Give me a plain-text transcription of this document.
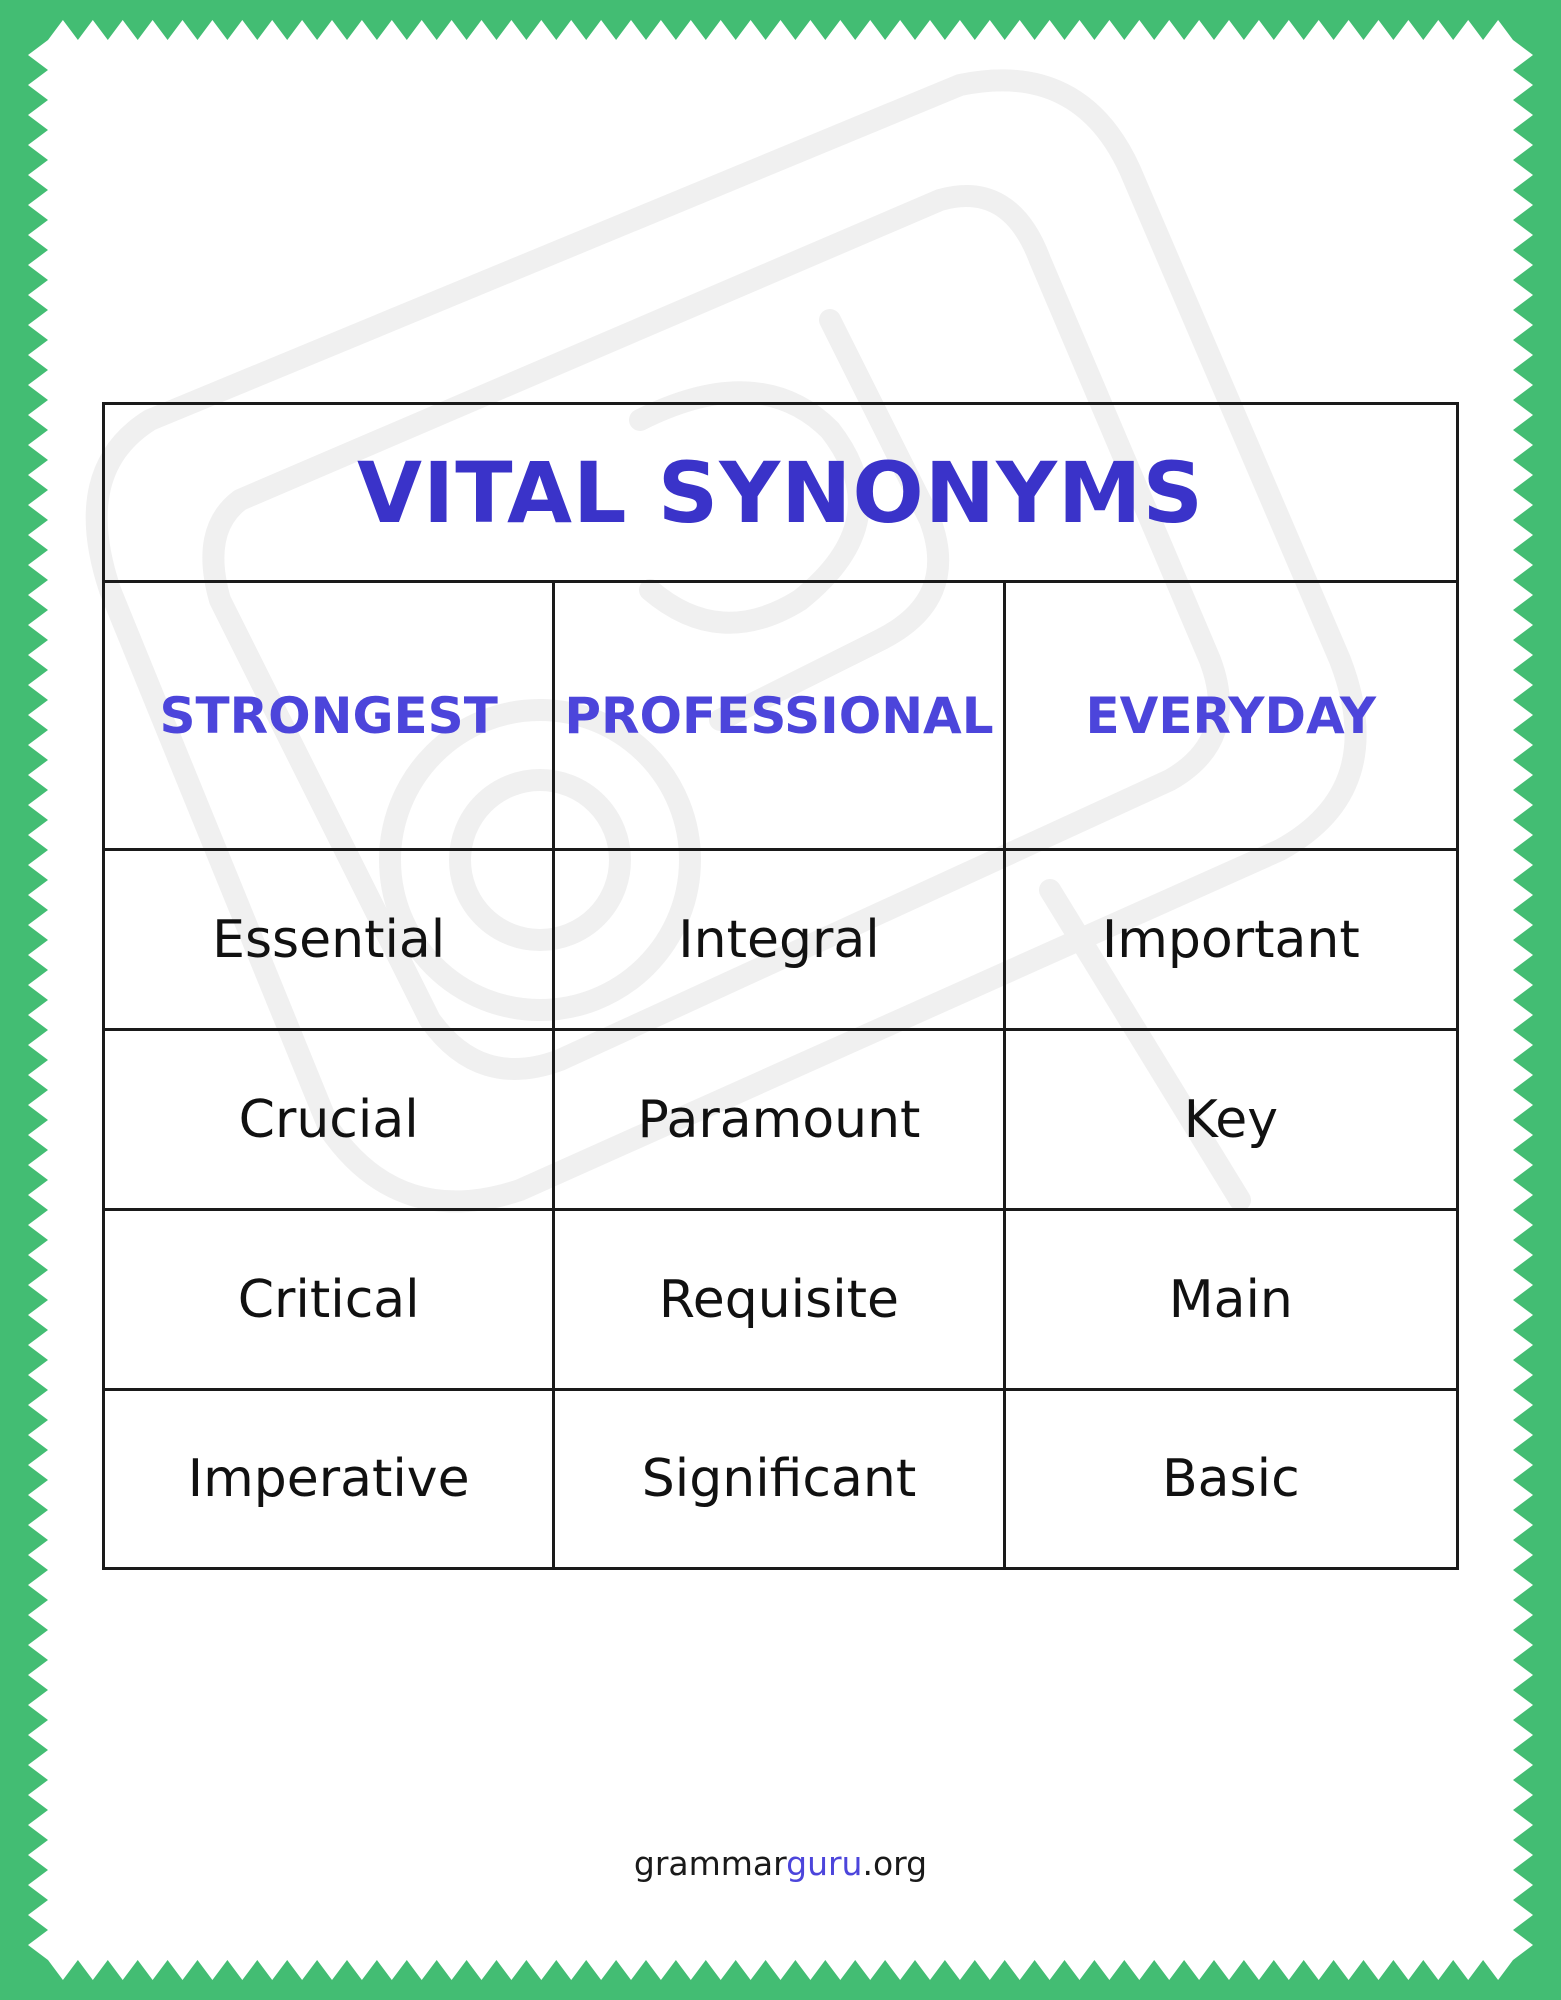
VITAL SYNONYMS
STRONGEST PROFESSIONAL EVERYDAY
Essential	Integral	Important
Crucial	Paramount	Key
Critical	Requisite	Main
Imperative	Significant	Basic
grammarguru.org
